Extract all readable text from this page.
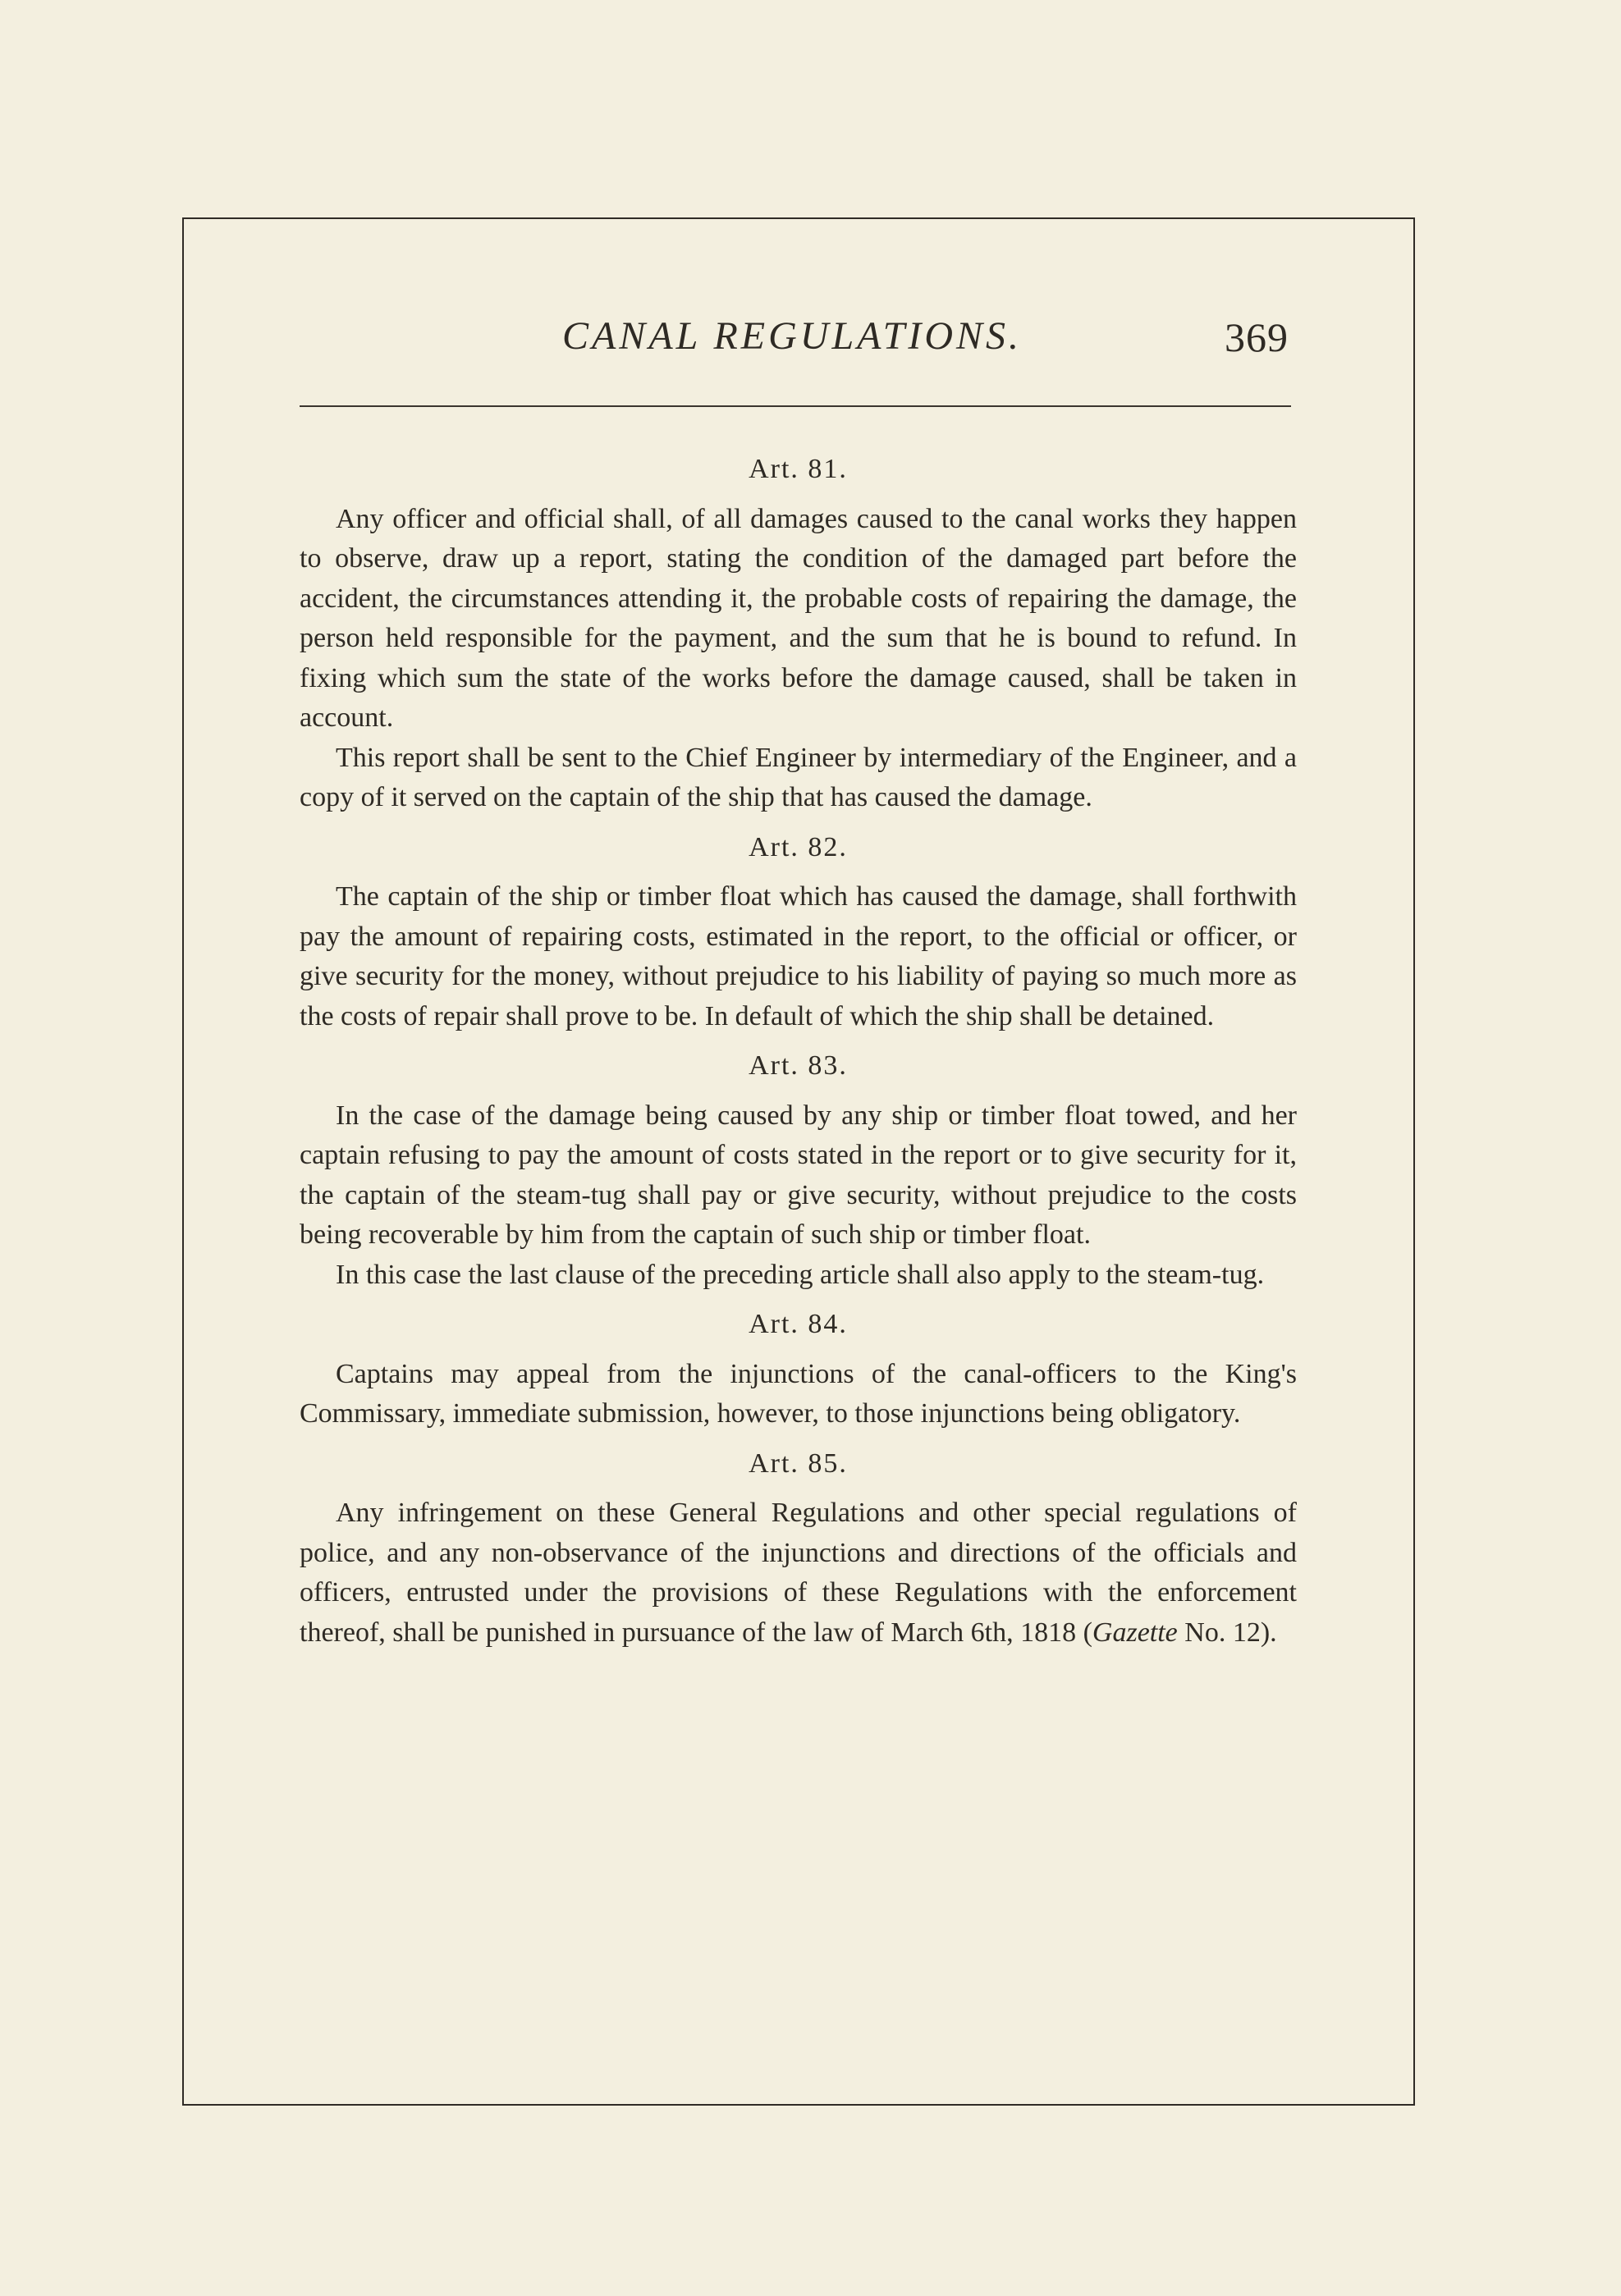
CANAL REGULATIONS.	369
Art. 81.

Any officer and official shall, of all damages caused to the canal works they happen to observe, draw up a report, stating the condition of the damaged part before the accident, the circumstances attending it, the probable costs of repairing the damage, the person held responsible for the payment, and the sum that he is bound to refund. In fixing which sum the state of the works before the damage caused, shall be taken in account.

This report shall be sent to the Chief Engineer by intermediary of the Engineer, and a copy of it served on the captain of the ship that has caused the damage.

Art. 82.

The captain of the ship or timber float which has caused the damage, shall forthwith pay the amount of repairing costs, estimated in the report, to the official or officer, or give security for the money, without prejudice to his liability of paying so much more as the costs of repair shall prove to be. In default of which the ship shall be detained.

Art. 83.

In the case of the damage being caused by any ship or timber float towed, and her captain refusing to pay the amount of costs stated in the report or to give security for it, the captain of the steam-tug shall pay or give security, without prejudice to the costs being recoverable by him from the captain of such ship or timber float.

In this case the last clause of the preceding article shall also apply to the steam-tug.

Art. 84.

Captains may appeal from the injunctions of the canal-officers to the King's Commissary, immediate submission, however, to those injunctions being obligatory.

Art. 85.

Any infringement on these General Regulations and other special regulations of police, and any non-observance of the injunctions and directions of the officials and officers, entrusted under the provisions of these Regulations with the enforcement thereof, shall be punished in pursuance of the law of March 6th, 1818 (Gazette No. 12).
